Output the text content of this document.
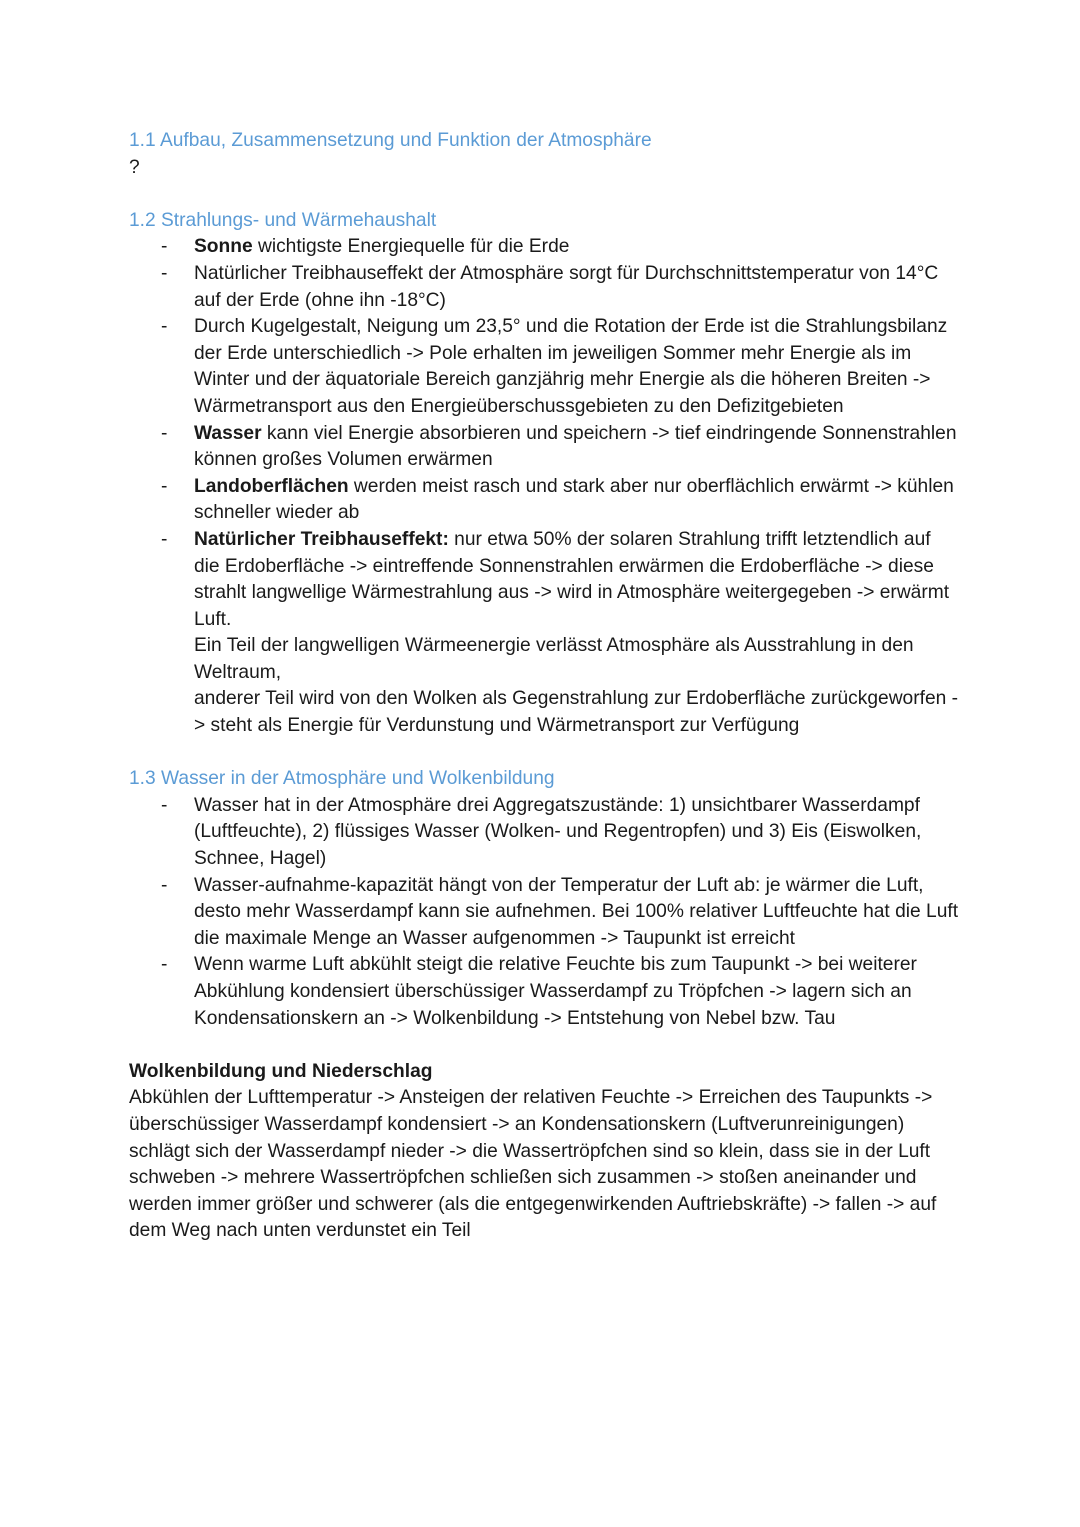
1.1 Aufbau, Zusammensetzung und Funktion der Atmosphäre

?

1.2 Strahlungs- und Wärmehaushalt
- Sonne wichtigste Energiequelle für die Erde
- Natürlicher Treibhauseffekt der Atmosphäre sorgt für Durchschnittstemperatur von 14°C auf der Erde (ohne ihn -18°C)
- Durch Kugelgestalt, Neigung um 23,5° und die Rotation der Erde ist die Strahlungsbilanz der Erde unterschiedlich -> Pole erhalten im jeweiligen Sommer mehr Energie als im Winter und der äquatoriale Bereich ganzjährig mehr Energie als die höheren Breiten -> Wärmetransport aus den Energieüberschussgebieten zu den Defizitgebieten
- Wasser kann viel Energie absorbieren und speichern -> tief eindringende Sonnenstrahlen können großes Volumen erwärmen
- Landoberflächen werden meist rasch und stark aber nur oberflächlich erwärmt -> kühlen schneller wieder ab
- Natürlicher Treibhauseffekt: nur etwa 50% der solaren Strahlung trifft letztendlich auf die Erdoberfläche -> eintreffende Sonnenstrahlen erwärmen die Erdoberfläche -> diese strahlt langwellige Wärmestrahlung aus -> wird in Atmosphäre weitergegeben -> erwärmt Luft.
Ein Teil der langwelligen Wärmeenergie verlässt Atmosphäre als Ausstrahlung in den Weltraum,
anderer Teil wird von den Wolken als Gegenstrahlung zur Erdoberfläche zurückgeworfen -> steht als Energie für Verdunstung und Wärmetransport zur Verfügung
1.3 Wasser in der Atmosphäre und Wolkenbildung
- Wasser hat in der Atmosphäre drei Aggregatszustände: 1) unsichtbarer Wasserdampf (Luftfeuchte), 2) flüssiges Wasser (Wolken- und Regentropfen) und 3) Eis (Eiswolken, Schnee, Hagel)
- Wasser-aufnahme-kapazität hängt von der Temperatur der Luft ab: je wärmer die Luft, desto mehr Wasserdampf kann sie aufnehmen. Bei 100% relativer Luftfeuchte hat die Luft die maximale Menge an Wasser aufgenommen -> Taupunkt ist erreicht
- Wenn warme Luft abkühlt steigt die relative Feuchte bis zum Taupunkt -> bei weiterer Abkühlung kondensiert überschüssiger Wasserdampf zu Tröpfchen -> lagern sich an Kondensationskern an -> Wolkenbildung -> Entstehung von Nebel bzw. Tau

Wolkenbildung und Niederschlag

Abkühlen der Lufttemperatur -> Ansteigen der relativen Feuchte -> Erreichen des Taupunkts -> überschüssiger Wasserdampf kondensiert -> an Kondensationskern (Luftverunreinigungen) schlägt sich der Wasserdampf nieder -> die Wassertröpfchen sind so klein, dass sie in der Luft schweben -> mehrere Wassertröpfchen schließen sich zusammen -> stoßen aneinander und werden immer größer und schwerer (als die entgegenwirkenden Auftriebskräfte) -> fallen -> auf dem Weg nach unten verdunstet ein Teil
